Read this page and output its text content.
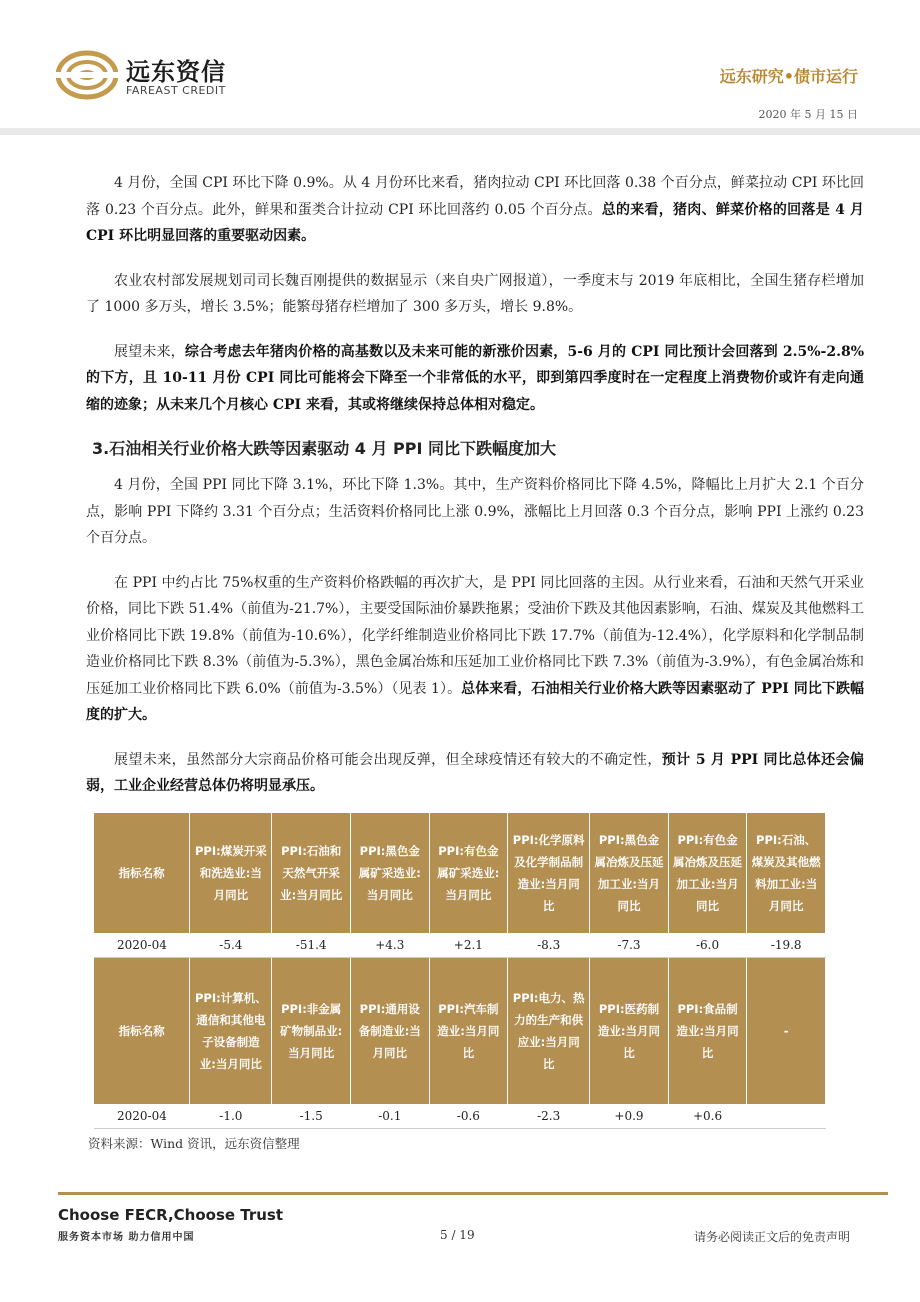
远东资信
FAREAST CREDIT
远东研究•债市运行
2020 年 5 月 15 日

4 月份，全国 CPI 环比下降 0.9%。从 4 月份环比来看，猪肉拉动 CPI 环比回落 0.38 个百分点，鲜菜拉动 CPI 环比回落 0.23 个百分点。此外，鲜果和蛋类合计拉动 CPI 环比回落约 0.05 个百分点。总的来看，猪肉、鲜菜价格的回落是 4 月 CPI 环比明显回落的重要驱动因素。

农业农村部发展规划司司长魏百刚提供的数据显示（来自央广网报道），一季度末与 2019 年底相比，全国生猪存栏增加了 1000 多万头，增长 3.5%；能繁母猪存栏增加了 300 多万头，增长 9.8%。

展望未来，综合考虑去年猪肉价格的高基数以及未来可能的新涨价因素，5-6 月的 CPI 同比预计会回落到 2.5%-2.8%的下方，且 10-11 月份 CPI 同比可能将会下降至一个非常低的水平，即到第四季度时在一定程度上消费物价或许有走向通缩的迹象；从未来几个月核心 CPI 来看，其或将继续保持总体相对稳定。

3.石油相关行业价格大跌等因素驱动 4 月 PPI 同比下跌幅度加大

4 月份，全国 PPI 同比下降 3.1%，环比下降 1.3%。其中，生产资料价格同比下降 4.5%，降幅比上月扩大 2.1 个百分点，影响 PPI 下降约 3.31 个百分点；生活资料价格同比上涨 0.9%，涨幅比上月回落 0.3 个百分点，影响 PPI 上涨约 0.23 个百分点。

在 PPI 中约占比 75%权重的生产资料价格跌幅的再次扩大，是 PPI 同比回落的主因。从行业来看，石油和天然气开采业价格，同比下跌 51.4%（前值为-21.7%），主要受国际油价暴跌拖累；受油价下跌及其他因素影响，石油、煤炭及其他燃料工业价格同比下跌 19.8%（前值为-10.6%），化学纤维制造业价格同比下跌 17.7%（前值为-12.4%），化学原料和化学制品制造业价格同比下跌 8.3%（前值为-5.3%），黑色金属冶炼和压延加工业价格同比下跌 7.3%（前值为-3.9%），有色金属冶炼和压延加工业价格同比下跌 6.0%（前值为-3.5%）（见表 1）。总体来看，石油相关行业价格大跌等因素驱动了 PPI 同比下跌幅度的扩大。

展望未来，虽然部分大宗商品价格可能会出现反弹，但全球疫情还有较大的不确定性，预计 5 月 PPI 同比总体还会偏弱，工业企业经营总体仍将明显承压。

指标名称	PPI:煤炭开采和洗选业:当月同比	PPI:石油和天然气开采业:当月同比	PPI:黑色金属矿采选业:当月同比	PPI:有色金属矿采选业:当月同比	PPI:化学原料及化学制品制造业:当月同比	PPI:黑色金属冶炼及压延加工业:当月同比	PPI:有色金属冶炼及压延加工业:当月同比	PPI:石油、煤炭及其他燃料加工业:当月同比
2020-04	-5.4	-51.4	+4.3	+2.1	-8.3	-7.3	-6.0	-19.8
指标名称	PPI:计算机、通信和其他电子设备制造业:当月同比	PPI:非金属矿物制品业:当月同比	PPI:通用设备制造业:当月同比	PPI:汽车制造业:当月同比	PPI:电力、热力的生产和供应业:当月同比	PPI:医药制造业:当月同比	PPI:食品制造业:当月同比	-
2020-04	-1.0	-1.5	-0.1	-0.6	-2.3	+0.9	+0.6	
资料来源：Wind 资讯，远东资信整理
Choose FECR,Choose Trust
服务资本市场 助力信用中国	5 / 19	请务必阅读正文后的免责声明
